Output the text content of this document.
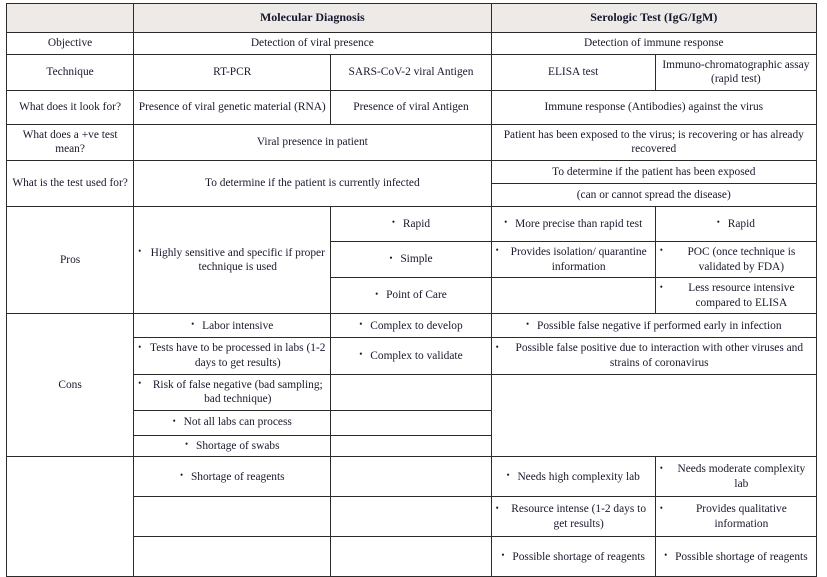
	Molecular Diagnosis		Serologic Test (IgG/IgM)	
Objective	Detection of viral presence		Detection of immune response	
Technique	RT-PCR	SARS-CoV-2 viral Antigen	ELISA test	Immuno-chromatographic assay (rapid test)
What does it look for?	Presence of viral genetic material (RNA)	Presence of viral Antigen	Immune response (Antibodies) against the virus	
What does a +ve test mean?	Viral presence in patient		Patient has been exposed to the virus; is recovering or has already recovered	
What is the test used for?	To determine if the patient is currently infected		To determine if the patient has been exposed	
			(can or cannot spread the disease)	
Pros	• Highly sensitive and specific if proper technique is used	• Rapid	• More precise than rapid test	• Rapid
		• Simple	• Provides isolation/ quarantine information	• POC (once technique is validated by FDA)
		• Point of Care		• Less resource intensive compared to ELISA
Cons	• Labor intensive	• Complex to develop	• Possible false negative if performed early in infection
	• Tests have to be processed in labs (1-2 days to get results)	• Complex to validate	• Possible false positive due to interaction with other viruses and strains of coronavirus
	• Risk of false negative (bad sampling; bad technique)		
	• Not all labs can process	
	• Shortage of swabs	
	• Shortage of reagents		• Needs high complexity lab	• Needs moderate complexity lab
			• Resource intense (1-2 days to get results)	• Provides qualitative information
			• Possible shortage of reagents	• Possible shortage of reagents
